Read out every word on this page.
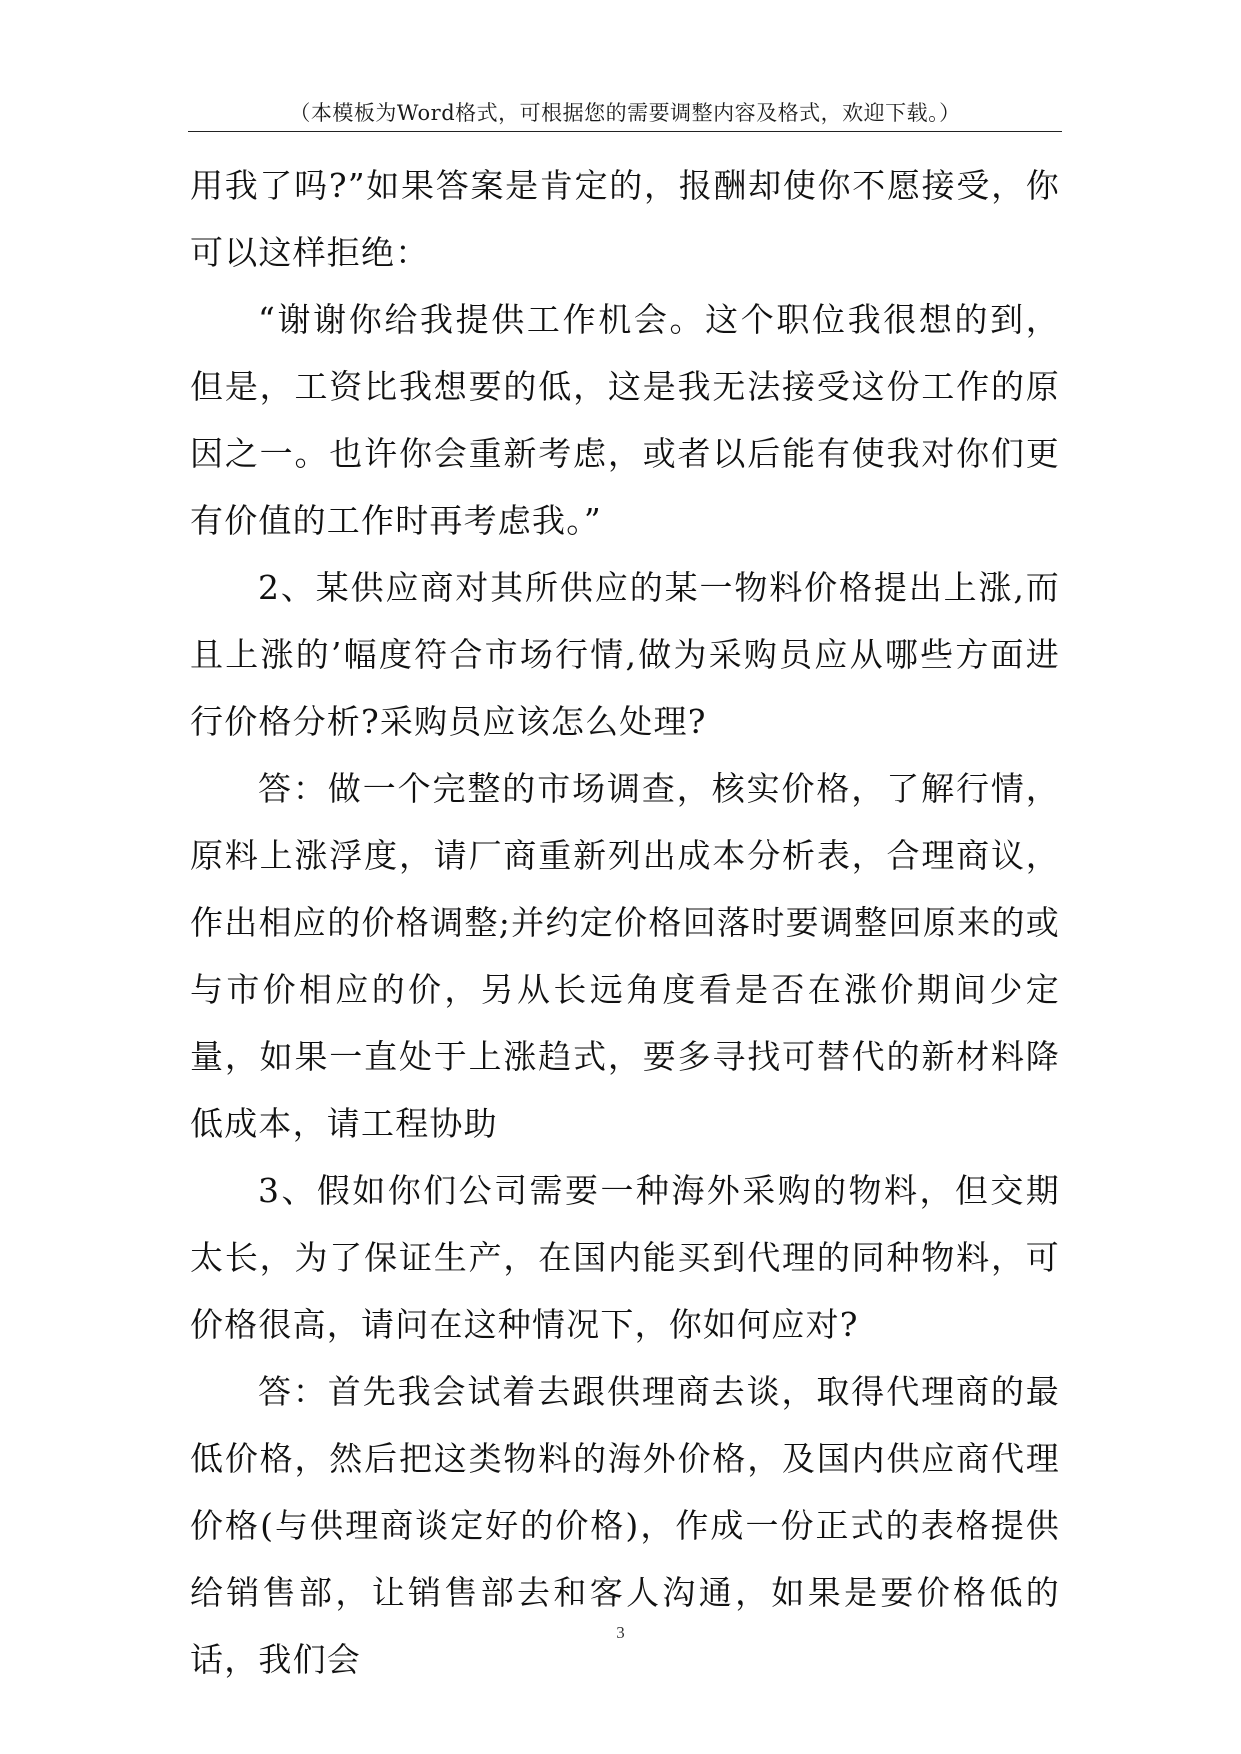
（本模板为Word格式，可根据您的需要调整内容及格式，欢迎下载。）

用我了吗?”如果答案是肯定的，报酬却使你不愿接受，你可以这样拒绝：

“谢谢你给我提供工作机会。这个职位我很想的到，但是，工资比我想要的低，这是我无法接受这份工作的原因之一。也许你会重新考虑，或者以后能有使我对你们更有价值的工作时再考虑我。”

2、某供应商对其所供应的某一物料价格提出上涨,而且上涨的’幅度符合市场行情,做为采购员应从哪些方面进行价格分析?采购员应该怎么处理?

答：做一个完整的市场调查，核实价格，了解行情，原料上涨浮度，请厂商重新列出成本分析表，合理商议，作出相应的价格调整;并约定价格回落时要调整回原来的或与市价相应的价，另从长远角度看是否在涨价期间少定量，如果一直处于上涨趋式，要多寻找可替代的新材料降低成本，请工程协助

3、假如你们公司需要一种海外采购的物料，但交期太长，为了保证生产，在国内能买到代理的同种物料，可价格很高，请问在这种情况下，你如何应对?

答：首先我会试着去跟供理商去谈，取得代理商的最低价格，然后把这类物料的海外价格，及国内供应商代理价格(与供理商谈定好的价格)，作成一份正式的表格提供给销售部，让销售部去和客人沟通，如果是要价格低的话，我们会

3
